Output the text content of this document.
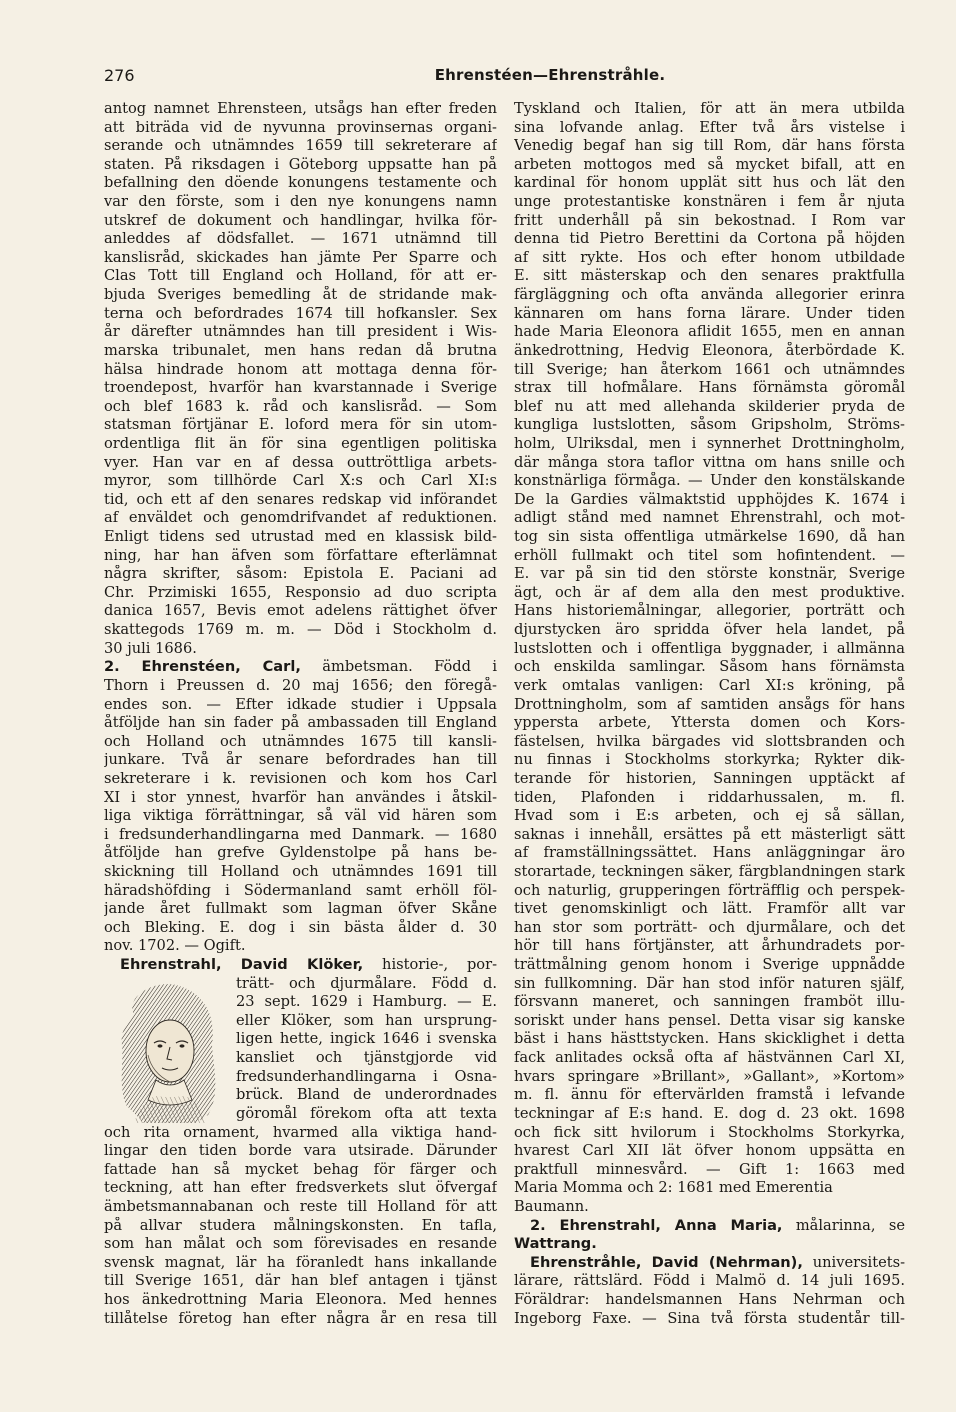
276	Ehrenstéen—Ehrenstråhle.
antog namnet Ehrensteen, utsågs han efter freden
att biträda vid de nyvunna provinsernas organi-
serande och utnämndes 1659 till sekreterare af
staten. På riksdagen i Göteborg uppsatte han på
befallning den döende konungens testamente och
var den förste, som i den nye konungens namn
utskref de dokument och handlingar, hvilka för-
anleddes af dödsfallet. — 1671 utnämnd till
kanslisråd, skickades han jämte Per Sparre och
Clas Tott till England och Holland, för att er-
bjuda Sveriges bemedling åt de stridande mak-
terna och befordrades 1674 till hofkansler. Sex
år därefter utnämndes han till president i Wis-
marska tribunalet, men hans redan då brutna
hälsa hindrade honom att mottaga denna för-
troendepost, hvarför han kvarstannade i Sverige
och blef 1683 k. råd och kanslisråd. — Som
statsman förtjänar E. loford mera för sin utom-
ordentliga flit än för sina egentligen politiska
vyer. Han var en af dessa outtröttliga arbets-
myror, som tillhörde Carl X:s och Carl XI:s
tid, och ett af den senares redskap vid införandet
af enväldet och genomdrifvandet af reduktionen.
Enligt tidens sed utrustad med en klassisk bild-
ning, har han äfven som författare efterlämnat
några skrifter, såsom: Epistola E. Paciani ad
Chr. Przimiski 1655, Responsio ad duo scripta
danica 1657, Bevis emot adelens rättighet öfver
skattegods 1769 m. m. — Död i Stockholm d.
30 juli 1686.
2. Ehrenstéen, Carl, ämbetsman. Född i
Thorn i Preussen d. 20 maj 1656; den föregå-
endes son. — Efter idkade studier i Uppsala
åtföljde han sin fader på ambassaden till England
och Holland och utnämndes 1675 till kansli-
junkare. Två år senare befordrades han till
sekreterare i k. revisionen och kom hos Carl
XI i stor ynnest, hvarför han användes i åtskil-
liga viktiga förrättningar, så väl vid hären som
i fredsunderhandlingarna med Danmark. — 1680
åtföljde han grefve Gyldenstolpe på hans be-
skickning till Holland och utnämndes 1691 till
häradshöfding i Södermanland samt erhöll föl-
jande året fullmakt som lagman öfver Skåne
och Bleking. E. dog i sin bästa ålder d. 30
nov. 1702. — Ogift.
Ehrenstrahl, David Klöker, historie-, por-
trätt- och djurmålare. Född d.
23 sept. 1629 i Hamburg. — E.
eller Klöker, som han ursprung-
ligen hette, ingick 1646 i svenska
kansliet och tjänstgjorde vid
fredsunderhandlingarna i Osna-
brück. Bland de underordnades
göromål förekom ofta att texta
och rita ornament, hvarmed alla viktiga hand-
lingar den tiden borde vara utsirade. Därunder
fattade han så mycket behag för färger och
teckning, att han efter fredsverkets slut öfvergaf
ämbetsmannabanan och reste till Holland för att
på allvar studera målningskonsten. En tafla,
som han målat och som förevisades en resande
svensk magnat, lär ha föranledt hans inkallande
till Sverige 1651, där han blef antagen i tjänst
hos änkedrottning Maria Eleonora. Med hennes
tillåtelse företog han efter några år en resa till
Tyskland och Italien, för att än mera utbilda
sina lofvande anlag. Efter två års vistelse i
Venedig begaf han sig till Rom, där hans första
arbeten mottogos med så mycket bifall, att en
kardinal för honom upplät sitt hus och lät den
unge protestantiske konstnären i fem år njuta
fritt underhåll på sin bekostnad. I Rom var
denna tid Pietro Berettini da Cortona på höjden
af sitt rykte. Hos och efter honom utbildade
E. sitt mästerskap och den senares praktfulla
färgläggning och ofta använda allegorier erinra
kännaren om hans forna lärare. Under tiden
hade Maria Eleonora aflidit 1655, men en annan
änkedrottning, Hedvig Eleonora, återbördade K.
till Sverige; han återkom 1661 och utnämndes
strax till hofmålare. Hans förnämsta göromål
blef nu att med allehanda skilderier pryda de
kungliga lustslotten, såsom Gripsholm, Ströms-
holm, Ulriksdal, men i synnerhet Drottningholm,
där många stora taflor vittna om hans snille och
konstnärliga förmåga. — Under den konstälskande
De la Gardies välmaktstid upphöjdes K. 1674 i
adligt stånd med namnet Ehrenstrahl, och mot-
tog sin sista offentliga utmärkelse 1690, då han
erhöll fullmakt och titel som hofintendent. —
E. var på sin tid den störste konstnär, Sverige
ägt, och är af dem alla den mest produktive.
Hans historiemålningar, allegorier, porträtt och
djurstycken äro spridda öfver hela landet, på
lustslotten och i offentliga byggnader, i allmänna
och enskilda samlingar. Såsom hans förnämsta
verk omtalas vanligen: Carl XI:s kröning, på
Drottningholm, som af samtiden ansågs för hans
yppersta arbete, Yttersta domen och Kors-
fästelsen, hvilka bärgades vid slottsbranden och
nu finnas i Stockholms storkyrka; Rykter dik-
terande för historien, Sanningen upptäckt af
tiden, Plafonden i riddarhussalen, m. fl.
Hvad som i E:s arbeten, och ej så sällan,
saknas i innehåll, ersättes på ett mästerligt sätt
af framställningssättet. Hans anläggningar äro
storartade, teckningen säker, färgblandningen stark
och naturlig, grupperingen förträfflig och perspek-
tivet genomskinligt och lätt. Framför allt var
han stor som porträtt- och djurmålare, och det
hör till hans förtjänster, att århundradets por-
trättmålning genom honom i Sverige uppnådde
sin fullkomning. Där han stod inför naturen själf,
försvann maneret, och sanningen framböt illu-
soriskt under hans pensel. Detta visar sig kanske
bäst i hans hästtstycken. Hans skicklighet i detta
fack anlitades också ofta af hästvännen Carl XI,
hvars springare »Brillant», »Gallant», »Kortom»
m. fl. ännu för eftervärlden framstå i lefvande
teckningar af E:s hand. E. dog d. 23 okt. 1698
och fick sitt hvilorum i Stockholms Storkyrka,
hvarest Carl XII lät öfver honom uppsätta en
praktfull minnesvård. — Gift 1: 1663 med
Maria Momma och 2: 1681 med Emerentia
Baumann.
2. Ehrenstrahl, Anna Maria, målarinna, se
Wattrang.
Ehrenstråhle, David (Nehrman), universitets-
lärare, rättslärd. Född i Malmö d. 14 juli 1695.
Föräldrar: handelsmannen Hans Nehrman och
Ingeborg Faxe. — Sina två första studentår till-
